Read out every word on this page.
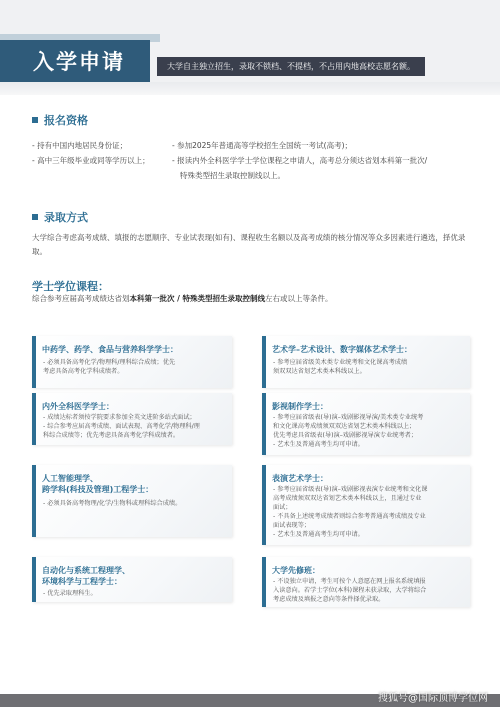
入学申请	大学自主独立招生，录取不锁档、不提档，不占用内地高校志愿名额。
报名资格
- 持有中国内地居民身份证；
- 高中三年级毕业或同等学历以上；
- 参加2025年普通高等学校招生全国统一考试(高考)；
- 报读内外全科医学学士学位课程之申请人，高考总分须达省划本科第一批次/
特殊类型招生录取控制线以上。
录取方式
大学综合考虑高考成绩、填报的志愿顺序、专业试表现(如有)、课程收生名额以及高考成绩的核分情况等众多因素进行遴选，择优录取。
学士学位课程：
综合参考应届高考成绩达省划本科第一批次 / 特殊类型招生录取控制线左右或以上等条件。
中药学、药学、食品与营养科学学士：
- 必须具备高考化学/物理科/理科综合成绩；优先
考虑具备高考化学科成绩者。
艺术学–艺术设计、数字媒体艺术学士：
- 参考应届省级美术类专业统考和文化课高考成绩
须双双达省划艺术类本科线以上。
内外全科医学学士：
- 成绩达标者须按学院要求参加全英文进阶多站式面试；
- 综合参考应届高考成绩、面试表现、高考化学/物理科/理
科综合成绩等；优先考虑具备高考化学科成绩者。
影视制作学士：
- 参考应届省级表(导)演–戏剧影视导演/美术类专业统考
和文化课高考成绩须双双达省划艺术类本科线以上；
优先考虑具省级表(导)演–戏剧影视导演专业统考者；
- 艺术生及普通高考生均可申请。
人工智能理学、
跨学科(科技及管理)工程学士：
- 必须具备高考物理/化学/生物科或理科综合成绩。
表演艺术学士：
- 参考应届省级表(导)演–戏剧影视表演专业统考和文化课
高考成绩须双双达省划艺术类本科线以上，且通过专业
面试；
- 不具备上述统考成绩者则综合参考普通高考成绩及专业
面试表现等；
- 艺术生及普通高考生均可申请。
自动化与系统工程理学、
环境科学与工程学士：
- 优先录取理科生。
大学先修班：
- 不设独立申请，考生可按个人意愿在网上报名系统填报
入读意向。若学士学位(本科)课程未获录取，大学将综合
考虑成绩及填报之意向等条件择优录取。
搜狐号@国际顶博学位网
